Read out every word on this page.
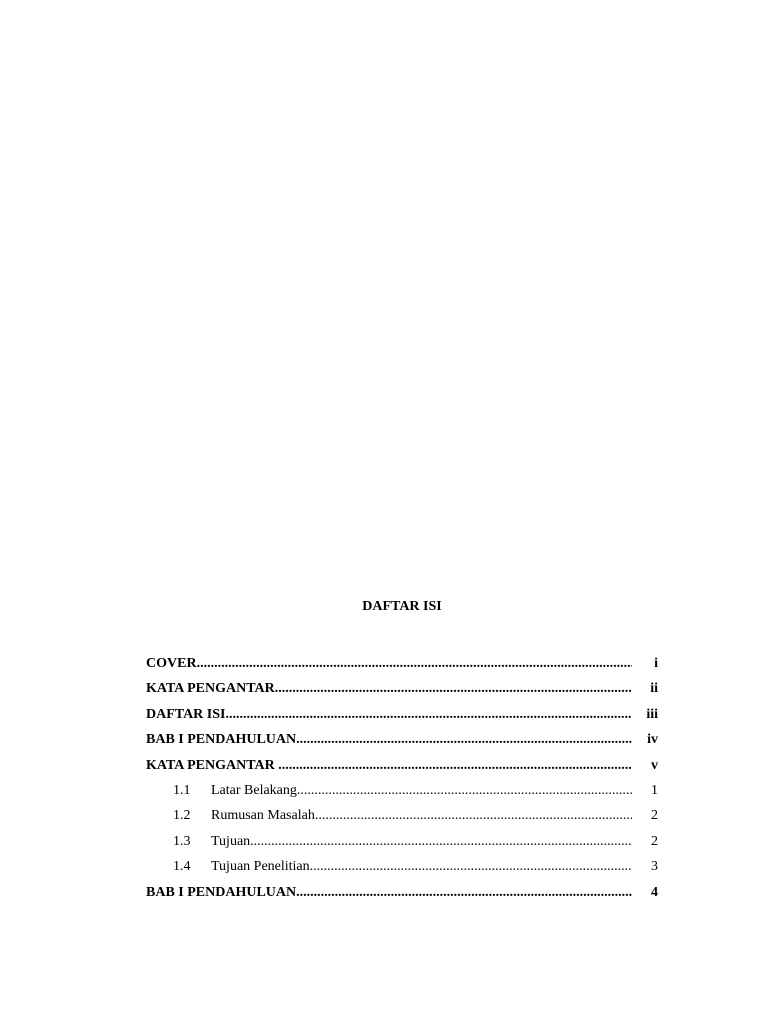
DAFTAR ISI
COVER .....	i
KATA PENGANTAR .....	ii
DAFTAR ISI .....	iii
BAB I PENDAHULUAN .....	iv
KATA PENGANTAR .....	v
1.1 Latar Belakang .....	1
1.2 Rumusan Masalah .....	2
1.3 Tujuan .....	2
1.4 Tujuan Penelitian .....	3
BAB I PENDAHULUAN .....	4
